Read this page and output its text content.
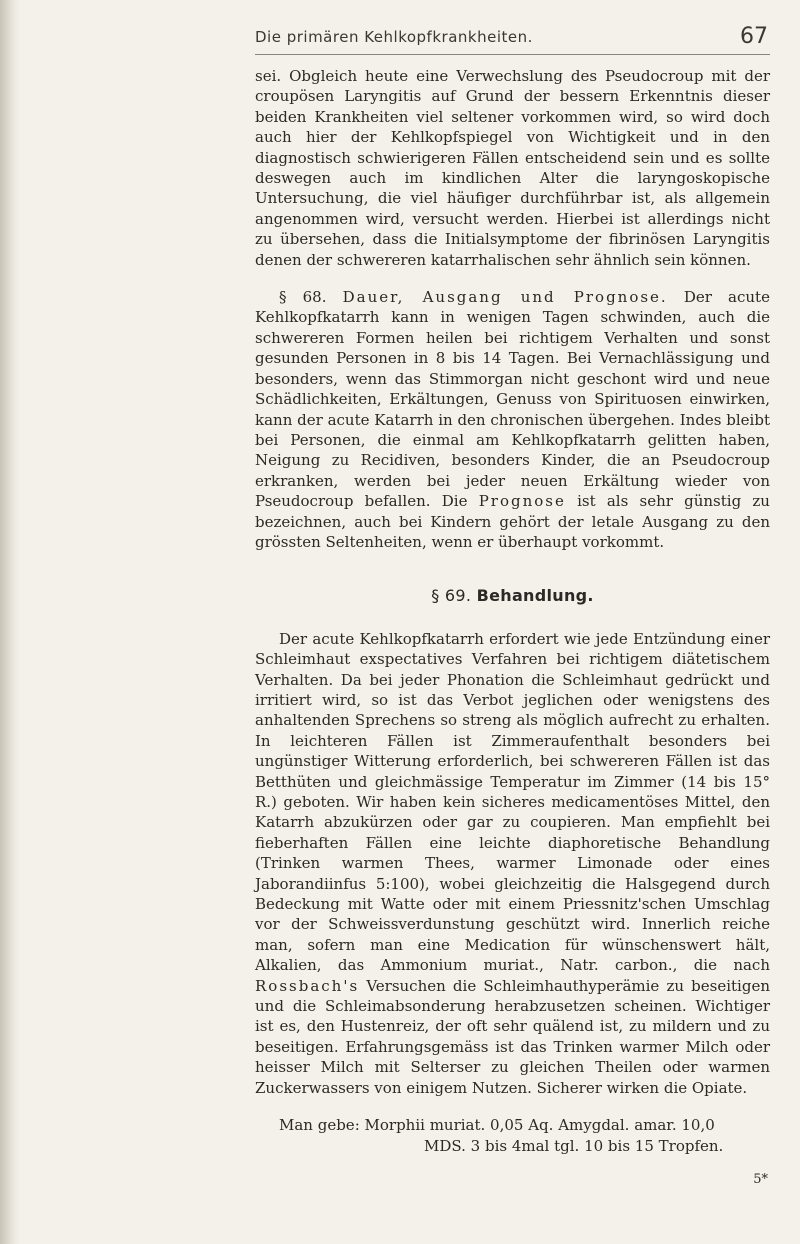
Die primären Kehlkopfkrankheiten.	67

sei. Obgleich heute eine Verwechslung des Pseudocroup mit der croupösen Laryngitis auf Grund der bessern Erkenntnis dieser beiden Krankheiten viel seltener vorkommen wird, so wird doch auch hier der Kehlkopfspiegel von Wichtigkeit und in den diagnostisch schwierigeren Fällen entscheidend sein und es sollte deswegen auch im kindlichen Alter die laryngoskopische Untersuchung, die viel häufiger durchführbar ist, als allgemein angenommen wird, versucht werden. Hierbei ist allerdings nicht zu übersehen, dass die Initialsymptome der fibrinösen Laryngitis denen der schwereren katarrhalischen sehr ähnlich sein können.

§ 68. Dauer, Ausgang und Prognose. Der acute Kehlkopfkatarrh kann in wenigen Tagen schwinden, auch die schwereren Formen heilen bei richtigem Verhalten und sonst gesunden Personen in 8 bis 14 Tagen. Bei Vernachlässigung und besonders, wenn das Stimmorgan nicht geschont wird und neue Schädlichkeiten, Erkältungen, Genuss von Spirituosen einwirken, kann der acute Katarrh in den chronischen übergehen. Indes bleibt bei Personen, die einmal am Kehlkopfkatarrh gelitten haben, Neigung zu Recidiven, besonders Kinder, die an Pseudocroup erkranken, werden bei jeder neuen Erkältung wieder von Pseudocroup befallen. Die Prognose ist als sehr günstig zu bezeichnen, auch bei Kindern gehört der letale Ausgang zu den grössten Seltenheiten, wenn er überhaupt vorkommt.

§ 69. Behandlung.

Der acute Kehlkopfkatarrh erfordert wie jede Entzündung einer Schleimhaut exspectatives Verfahren bei richtigem diätetischem Verhalten. Da bei jeder Phonation die Schleimhaut gedrückt und irritiert wird, so ist das Verbot jeglichen oder wenigstens des anhaltenden Sprechens so streng als möglich aufrecht zu erhalten. In leichteren Fällen ist Zimmeraufenthalt besonders bei ungünstiger Witterung erforderlich, bei schwereren Fällen ist das Betthüten und gleichmässige Temperatur im Zimmer (14 bis 15° R.) geboten. Wir haben kein sicheres medicamentöses Mittel, den Katarrh abzukürzen oder gar zu coupieren. Man empfiehlt bei fieberhaften Fällen eine leichte diaphoretische Behandlung (Trinken warmen Thees, warmer Limonade oder eines Jaborandiinfus 5:100), wobei gleichzeitig die Halsgegend durch Bedeckung mit Watte oder mit einem Priessnitz'schen Umschlag vor der Schweissverdunstung geschützt wird. Innerlich reiche man, sofern man eine Medication für wünschenswert hält, Alkalien, das Ammonium muriat., Natr. carbon., die nach Rossbach's Versuchen die Schleimhauthyperämie zu beseitigen und die Schleimabsonderung herabzusetzen scheinen. Wichtiger ist es, den Hustenreiz, der oft sehr quälend ist, zu mildern und zu beseitigen. Erfahrungsgemäss ist das Trinken warmer Milch oder heisser Milch mit Selterser zu gleichen Theilen oder warmen Zuckerwassers von einigem Nutzen. Sicherer wirken die Opiate.

Man gebe: Morphii muriat. 0,05 Aq. Amygdal. amar. 10,0
MDS. 3 bis 4mal tgl. 10 bis 15 Tropfen.
5*
